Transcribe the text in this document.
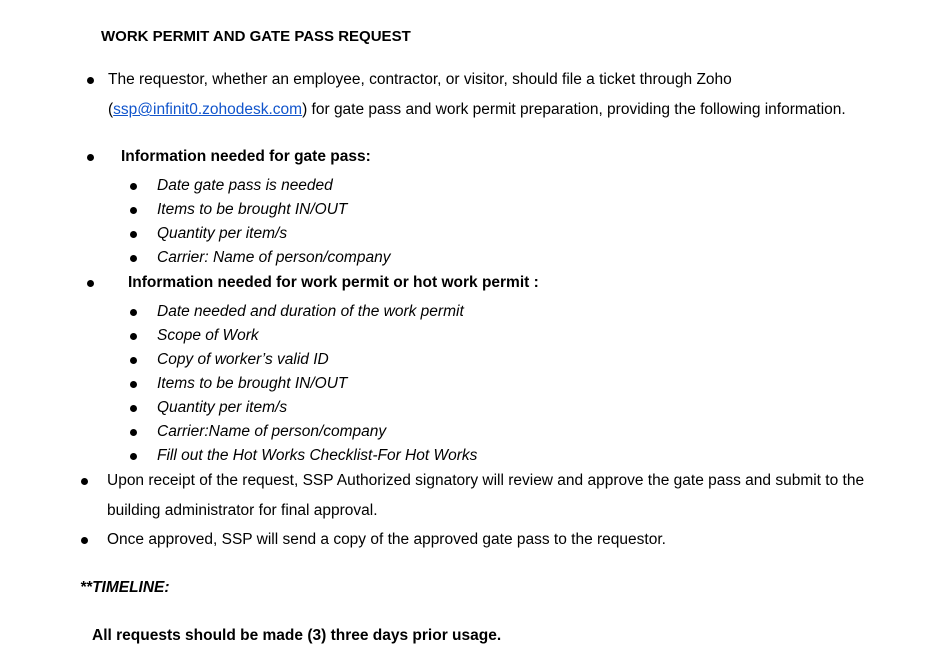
WORK PERMIT AND GATE PASS REQUEST
The requestor, whether an employee, contractor, or visitor, should file a ticket through Zoho
(ssp@infinit0.zohodesk.com) for gate pass and work permit preparation, providing the following information.
Information needed for gate pass:
Date gate pass is needed
Items to be brought IN/OUT
Quantity per item/s
Carrier: Name of person/company
Information needed for work permit or hot work permit :
Date needed and duration of the work permit
Scope of Work
Copy of worker’s valid ID
Items to be brought IN/OUT
Quantity per item/s
Carrier:Name of person/company
Fill out the Hot Works Checklist-For Hot Works
Upon receipt of the request, SSP Authorized signatory will review and approve the gate pass and submit to the
building administrator for final approval.
Once approved, SSP will send a copy of the approved gate pass to the requestor.
**TIMELINE:
All requests should be made (3) three days prior usage.
